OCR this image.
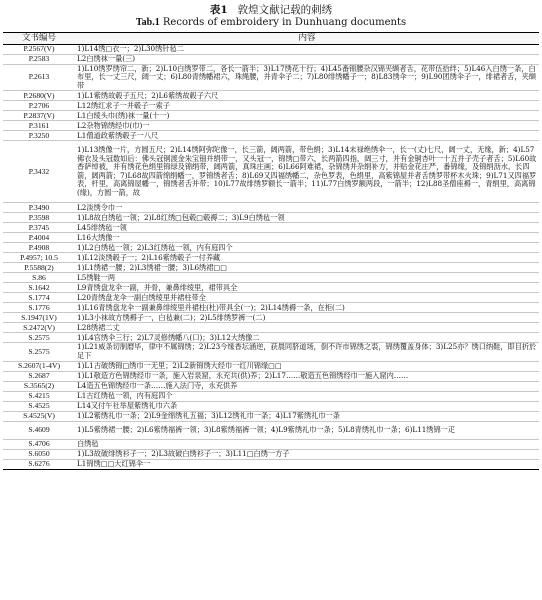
表1 敦煌文献记载的刺绣
Tab.1 Records of embroidery in Dunhuang documents
文书编号	内容
P.2567(V)	1)L14绣□衣一；2)L30绣针毡二
P.2583	L2白绣袜一量(三)
P.2613	1)L10绣罗绣帘二，新；2)L10白绣罗带二，各长一箭半；3)L17绣花十行；4)L45番锦腰杂汉锦夹缬者舌，花带伍拾绊；5)L46入白绣一条，白布里，长一丈三尺，阔一丈；6)L80青绣幡裙六，珠绳腰，并青伞子二；7)L80绯绣幡子一；8)L83绣伞一；9)L90团绣伞子一，绯裙者舌，夹缬带
P.2680(V)	1)L1紫绣故毂子五尺；2)L6紫绣故毂子六尺
P.2706	L12绣红求子一并毂子一索子
P.2837(V)	L1白绫头巾(绣)袜一量(十一)
P.3161	L2杂物锦绣经巾(巾)一
P.3250	L1僧道政紫绣毂子一八尺
P.3432	1)L13绣像一片，方圆五尺；2)L14绣阿弥陀像一，长三箭，阔两箭，带色绢；3)L14末禄绝绣伞一，长一(丈)七尺，阔一丈，无缘，新；4)L57佛衣及头冠数如后：佛头冠铜渡金朱宝钿并绢带一，又头冠一，锦绣□带六，长两箭四指，阔三寸，并有金铜杏叶一十五并子壳子者舌；5)L60故香萨绰被，并有绣花色绢里锦绿及锦绢带，阔两箭，真珠庄画；6)L66阿难裙，杂锦绣并杂绢补方，并贴金花庄严，番锦缘，及锦绢沥水，长四箭，阔两箭；7)L68故四箭绵绢幡一，罗锦绣者舌；8)L69又四福绣幡二，杂色罗表，色绢里，高紫锦屋并者舌绣罗带杯木火珠；9)L71又四福罗表，杆里，高离锦屋幡一，锦绣者舌并带；10)L77故绯绣罗额长一箭半；11)L77白绣罗额两段，一箭半；12)L88圣僧座褥一，青绢里，高离锦(缘)，方圆一箭，故
P.3490	L2淡绣令巾一
P.3598	1)L8故白绣毡一领；2)L8红绣□包毂□毂褥二；3)L9白绣毡一领
P.3745	L45绯绣毡一领
P.4004	L16大绣像一
P.4908	1)L2白绣毡一领；2)L3红绣毡一领，内有庭四个
P.4957; 10.5	1)L12淡绣毂子一；2)L16紫绣毂子一付养藏
P.5588(2)	1)L1绣裙一腰；2)L3绣裙一腰；3)L6绣裙□□
S.86	L5绣鞋一两
S.1642	L9青绣盘龙伞一副，并骨，兼鼻绯绫里，裙带具全
S.1774	L20青绣盘龙伞一副白绣绫里并裙柱带全
S.1776	1)L16青绣盘龙伞一副兼鼻绯绫里并裙柱(杜)带具全(一)；2)L14绣褥一条，在柜(二)
S.1947(1V)	1)L3小袜故方绣褥子一，白毡兼(二)；2)L5绯绣罗裤一(二)
S.2472(V)	L28绣裙二丈
S.2575	1)L4官绣伞三行；2)L7灵修绣幡八(口)；3)L12大绣像二
S.2575	1)L21威条切制磨毕，律中不属锦绣；2)L23今缘香坛涵逆，获晨同脐道场，倒不许市锦绣之裘，锦绣覆盖身体；3)L25亦？绣口纳鞋，即目折於足下
S.2607(1-4V)	1)L1古破绣锦□绣巾一无里；2)L2新锦绣大经巾一红川锦缘□□
S.2687	1)L1敬造方色锦绣经巾一条，施入岩泉窟，永充共(供)养；2)L17……敬造五色锦绣经巾一施入窟内……
S.3565(2)	L4造五色锦绣经巾一条……施入法门寺，永充供养
S.4215	L1古红绣毡一领，内有庭四个
S.4525	L14又付午社举屋紫绣礼巾六条
S.4525(V)	1)L2紫绣礼巾一条；2)L9金绵绣礼五福；3)L12绣礼巾一条；4)L17紫绣礼巾一条
S.4609	1)L5紫绣裙一腰；2)L6紫绣福裤一领；3)L8紫绣福裤一领；4)L9紫绣礼巾一条；5)L8青绣礼巾一条；6)L11绣锦一疋
S.4706	白绣毡
S.6050	1)L3故破绯绣衫子一；2)L3故破白绣衫子一；3)L11□白绣一方子
S.6276	L1锦绣□□大红锦伞一
